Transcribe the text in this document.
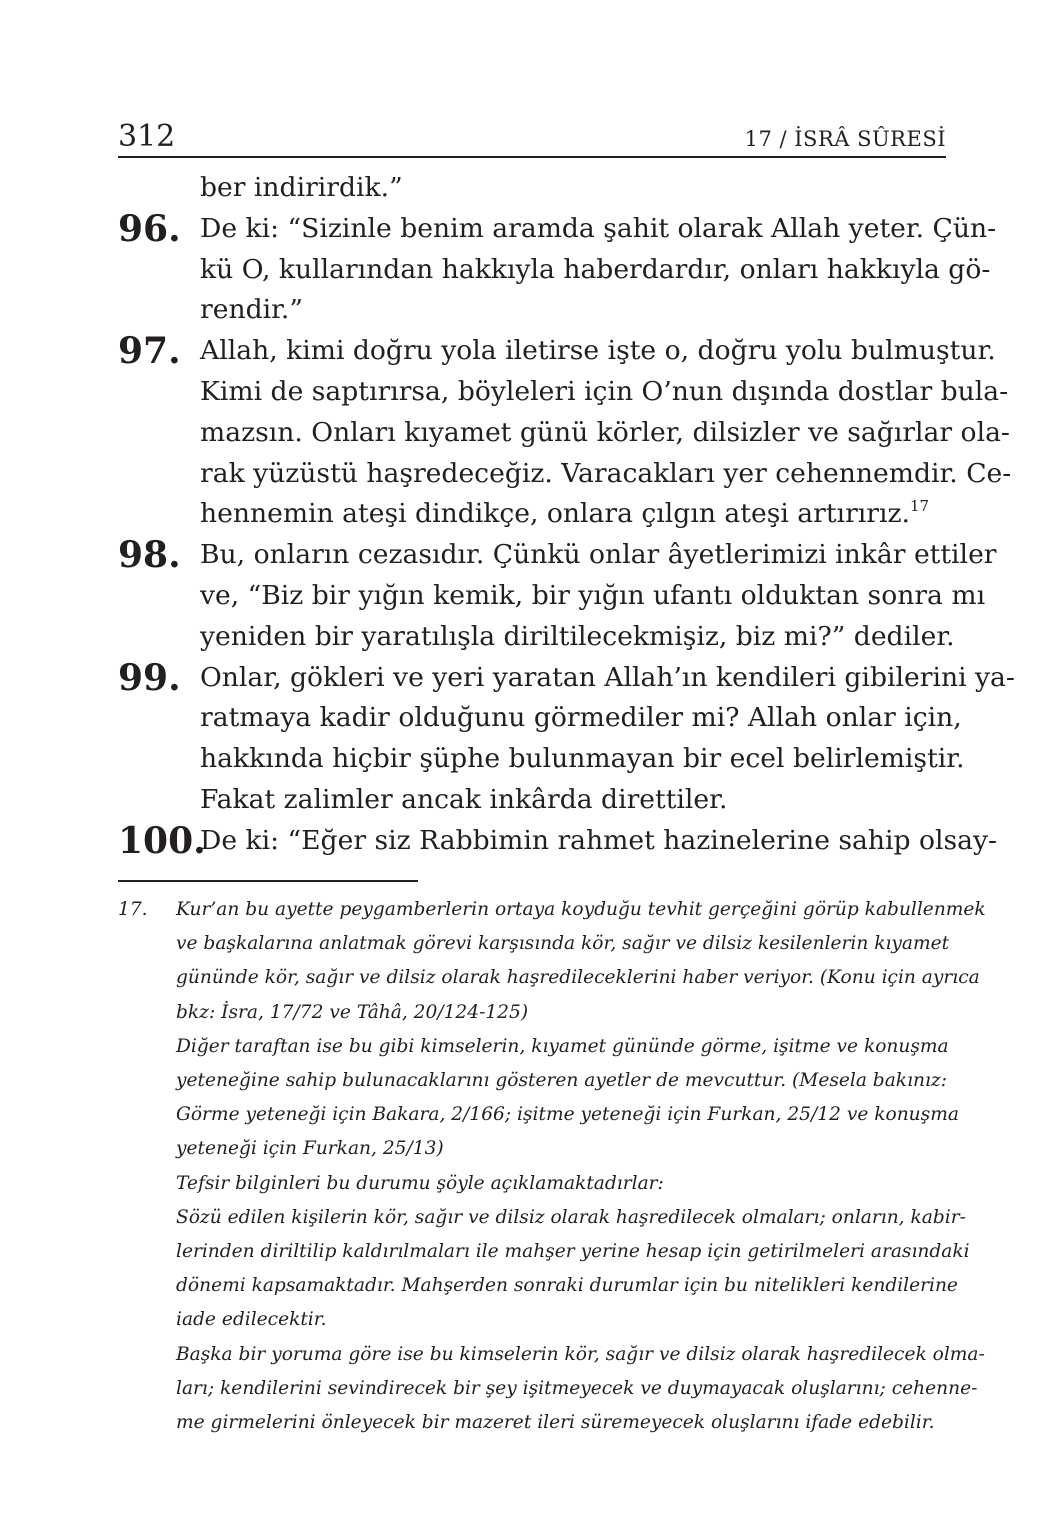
312	17 / İSRÂ SÛRESİ
ber indirirdik.”
96. De ki: “Sizinle benim aramda şahit olarak Allah yeter. Çün-
kü O, kullarından hakkıyla haberdardır, onları hakkıyla gö-
rendir.”
97. Allah, kimi doğru yola iletirse işte o, doğru yolu bulmuştur.
Kimi de saptırırsa, böyleleri için O’nun dışında dostlar bula-
mazsın. Onları kıyamet günü körler, dilsizler ve sağırlar ola-
rak yüzüstü haşredeceğiz. Varacakları yer cehennemdir. Ce-
hennemin ateşi dindikçe, onlara çılgın ateşi artırırız.$^{17}$
98. Bu, onların cezasıdır. Çünkü onlar âyetlerimizi inkâr ettiler
ve, “Biz bir yığın kemik, bir yığın ufantı olduktan sonra mı
yeniden bir yaratılışla diriltilecekmişiz, biz mi?” dediler.
99. Onlar, gökleri ve yeri yaratan Allah’ın kendileri gibilerini ya-
ratmaya kadir olduğunu görmediler mi? Allah onlar için,
hakkında hiçbir şüphe bulunmayan bir ecel belirlemiştir.
Fakat zalimler ancak inkârda direttiler.
100.
De ki: “Eğer siz Rabbimin rahmet hazinelerine sahip olsay-
17. Kur’an bu ayette peygamberlerin ortaya koyduğu tevhit gerçeğini görüp kabullenmek
ve başkalarına anlatmak görevi karşısında kör, sağır ve dilsiz kesilenlerin kıyamet
gününde kör, sağır ve dilsiz olarak haşredileceklerini haber veriyor. (Konu için ayrıca
bkz: İsra, 17/72 ve Tâhâ, 20/124-125)
Diğer taraftan ise bu gibi kimselerin, kıyamet gününde görme, işitme ve konuşma
yeteneğine sahip bulunacaklarını gösteren ayetler de mevcuttur. (Mesela bakınız:
Görme yeteneği için Bakara, 2/166; işitme yeteneği için Furkan, 25/12 ve konuşma
yeteneği için Furkan, 25/13)
Tefsir bilginleri bu durumu şöyle açıklamaktadırlar:
Sözü edilen kişilerin kör, sağır ve dilsiz olarak haşredilecek olmaları; onların, kabir-
lerinden diriltilip kaldırılmaları ile mahşer yerine hesap için getirilmeleri arasındaki
dönemi kapsamaktadır. Mahşerden sonraki durumlar için bu nitelikleri kendilerine
iade edilecektir.
Başka bir yoruma göre ise bu kimselerin kör, sağır ve dilsiz olarak haşredilecek olma-
ları; kendilerini sevindirecek bir şey işitmeyecek ve duymayacak oluşlarını; cehenne-
me girmelerini önleyecek bir mazeret ileri süremeyecek oluşlarını ifade edebilir.
